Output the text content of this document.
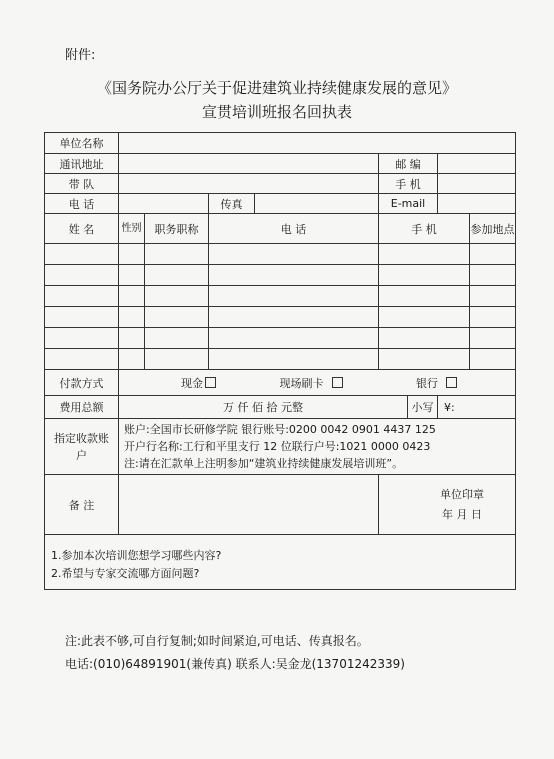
附件:
《国务院办公厅关于促进建筑业持续健康发展的意见》
宣贯培训班报名回执表
单位名称								
通讯地址					邮 编			
带 队					手 机			
电 话			传真		E-mail			
姓 名	性别	职务职称	电 话		手 机			参加地点

付款方式	现金 现场刷卡 银行							
费用总额	万 仟 佰 拾 元整					小写	¥:	
指定收款账户	账户:全国市长研修学院 银行账号:0200 0042 0901 4437 125
开户行名称:工行和平里支行 12 位联行户号:1021 0000 0423
注:请在汇款单上注明参加“建筑业持续健康发展培训班”。							

备 注					单位印章
年 月 日			

1.参加本次培训您想学习哪些内容?
2.希望与专家交流哪方面问题?								
注:此表不够,可自行复制;如时间紧迫,可电话、传真报名。
电话:(010)64891901(兼传真) 联系人:吴金龙(13701242339)
